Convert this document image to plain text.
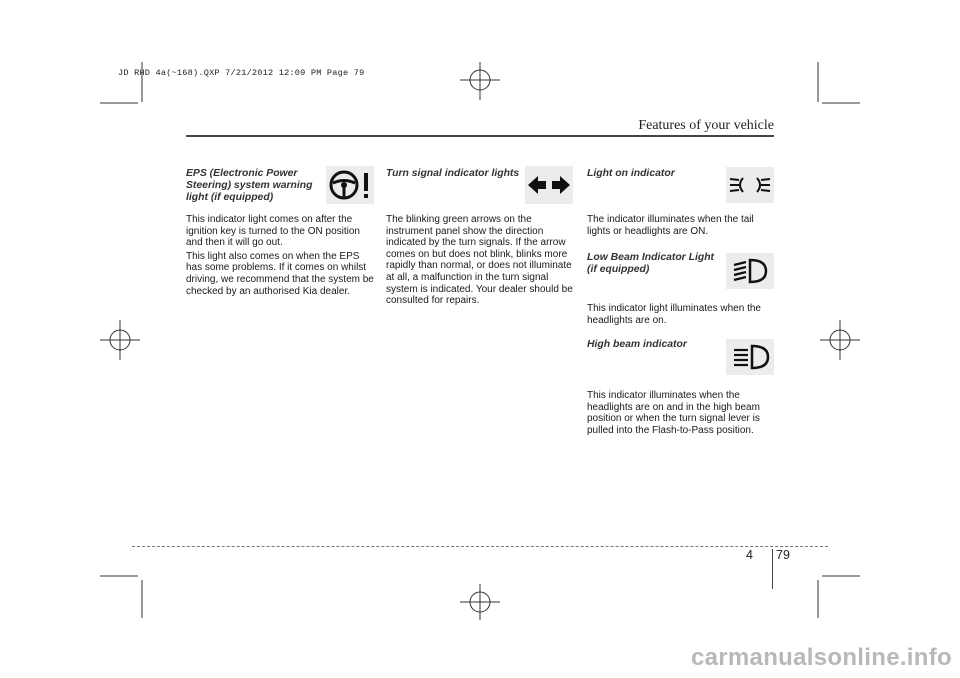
JD RHD 4a(~168).QXP 7/21/2012 12:09 PM Page 79
Features of your vehicle
EPS (Electronic Power
Steering) system warning
light (if equipped)

This indicator light comes on after the ignition key is turned to the ON position and then it will go out.

This light also comes on when the EPS has some problems. If it comes on whilst driving, we recommend that the system be checked by an authorised Kia dealer.

Turn signal indicator lights

The blinking green arrows on the instrument panel show the direction indicated by the turn signals. If the arrow comes on but does not blink, blinks more rapidly than normal, or does not illuminate at all, a malfunction in the turn signal system is indicated. Your dealer should be consulted for repairs.

Light on indicator
The indicator illuminates when the tail lights or headlights are ON.
Low Beam Indicator Light
(if equipped)
This indicator light illuminates when the headlights are on.
High beam indicator
This indicator illuminates when the headlights are on and in the high beam position or when the turn signal lever is pulled into the Flash-to-Pass position.
4 79
carmanualsonline.info
